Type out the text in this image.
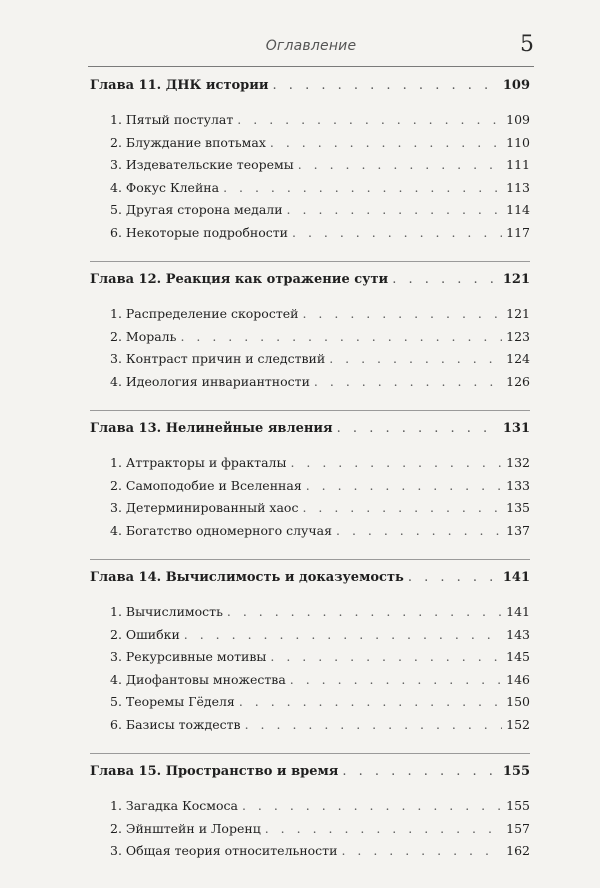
Оглавление	5
Глава 11. ДНК истории . . .	109
1. Пятый постулат . . .	109
2. Блуждание впотьмах . . .	110
3. Издевательские теоремы . . .	111
4. Фокус Клейна . . .	113
5. Другая сторона медали . . .	114
6. Некоторые подробности . . .	117
Глава 12. Реакция как отражение сути . . .	121
1. Распределение скоростей . . .	121
2. Мораль . . .	123
3. Контраст причин и следствий . . .	124
4. Идеология инвариантности . . .	126
Глава 13. Нелинейные явления . . .	131
1. Аттракторы и фракталы . . .	132
2. Самоподобие и Вселенная . . .	133
3. Детерминированный хаос . . .	135
4. Богатство одномерного случая . . .	137
Глава 14. Вычислимость и доказуемость . . .	141
1. Вычислимость . . .	141
2. Ошибки . . .	143
3. Рекурсивные мотивы . . .	145
4. Диофантовы множества . . .	146
5. Теоремы Гёделя . . .	150
6. Базисы тождеств . . .	152
Глава 15. Пространство и время . . .	155
1. Загадка Космоса . . .	155
2. Эйнштейн и Лоренц . . .	157
3. Общая теория относительности . . .	162
